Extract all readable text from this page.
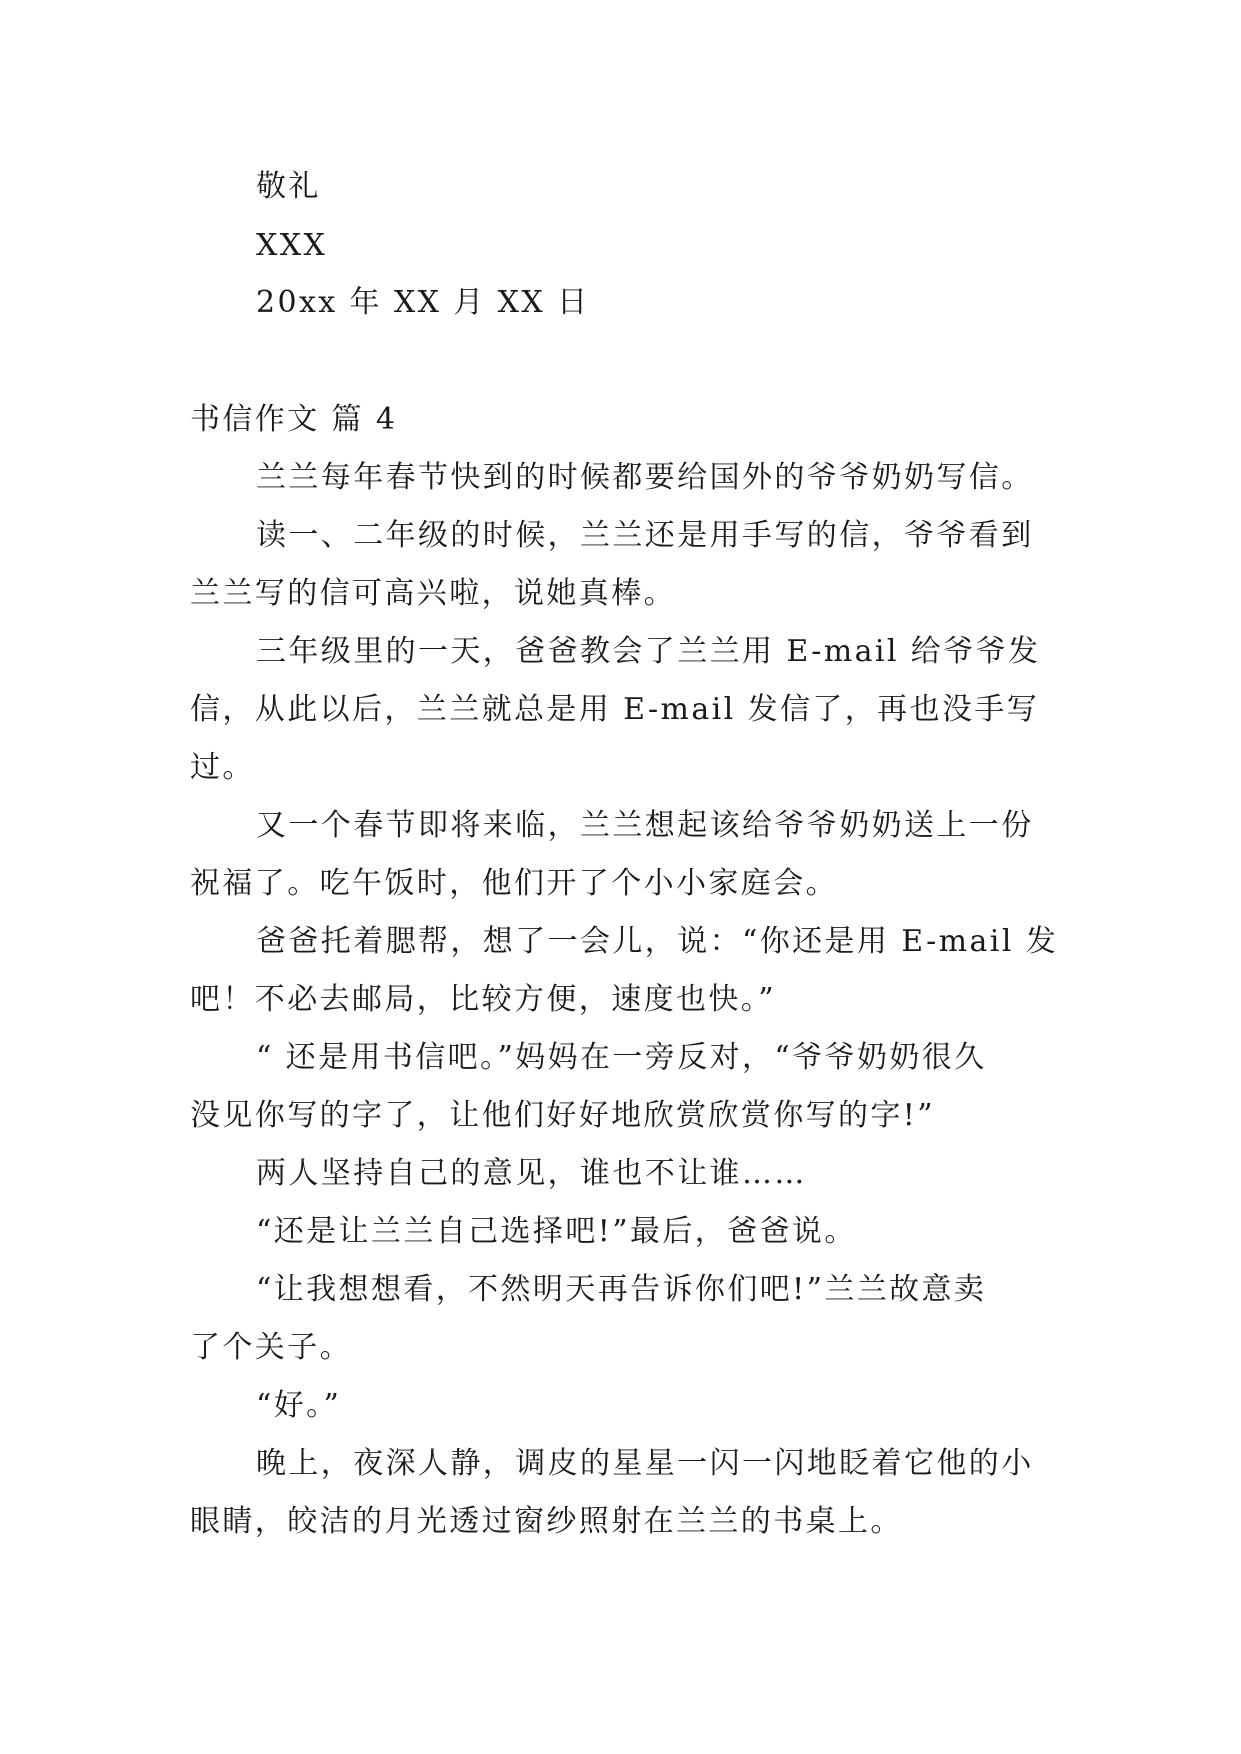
敬礼

XXX

20xx 年 XX 月 XX 日

书信作文 篇 4

兰兰每年春节快到的时候都要给国外的爷爷奶奶写信。

读一、二年级的时候，兰兰还是用手写的信，爷爷看到

兰兰写的信可高兴啦，说她真棒。

三年级里的一天，爸爸教会了兰兰用 E-mail 给爷爷发

信，从此以后，兰兰就总是用 E-mail 发信了，再也没手写

过。

又一个春节即将来临，兰兰想起该给爷爷奶奶送上一份

祝福了。吃午饭时，他们开了个小小家庭会。

爸爸托着腮帮，想了一会儿，说：“你还是用 E-mail 发

吧！不必去邮局，比较方便，速度也快。”

“ 还是用书信吧。”妈妈在一旁反对，“爷爷奶奶很久

没见你写的字了，让他们好好地欣赏欣赏你写的字!”

两人坚持自己的意见，谁也不让谁……

“还是让兰兰自己选择吧!”最后，爸爸说。

“让我想想看，不然明天再告诉你们吧!”兰兰故意卖

了个关子。

“好。”

晚上，夜深人静，调皮的星星一闪一闪地眨着它他的小

眼睛，皎洁的月光透过窗纱照射在兰兰的书桌上。
